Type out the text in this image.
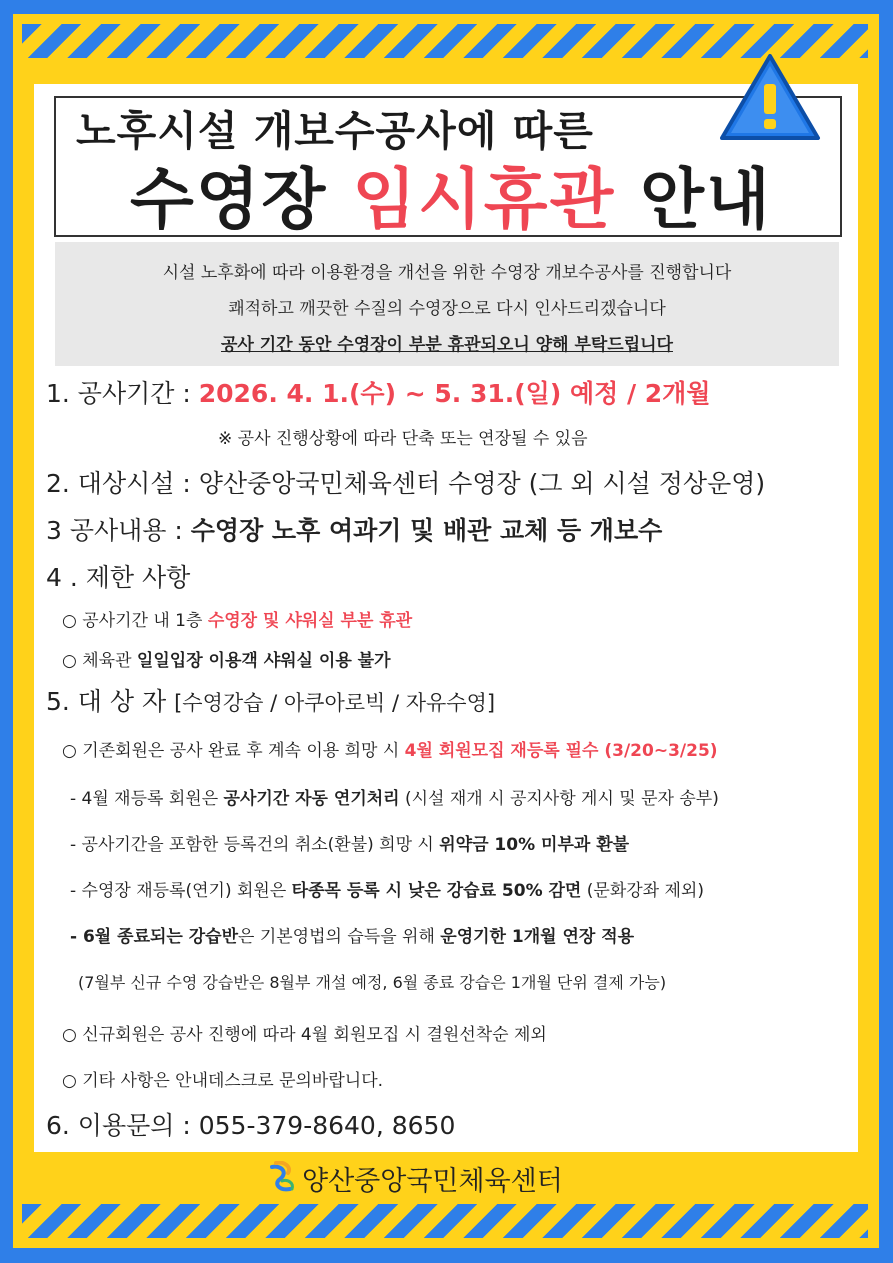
노후시설 개보수공사에 따른
수영장 임시휴관 안내
시설 노후화에 따라 이용환경을 개선을 위한 수영장 개보수공사를 진행합니다
쾌적하고 깨끗한 수질의 수영장으로 다시 인사드리겠습니다
공사 기간 동안 수영장이 부분 휴관되오니 양해 부탁드립니다
1. 공사기간 : 2026. 4. 1.(수) ~ 5. 31.(일) 예정 / 2개월
※ 공사 진행상황에 따라 단축 또는 연장될 수 있음
2. 대상시설 : 양산중앙국민체육센터 수영장 (그 외 시설 정상운영)
3 공사내용 : 수영장 노후 여과기 및 배관 교체 등 개보수
4 . 제한 사항
○ 공사기간 내 1층 수영장 및 샤워실 부분 휴관
○ 체육관 일일입장 이용객 샤워실 이용 불가
5. 대 상 자 [수영강습 / 아쿠아로빅 / 자유수영]
○ 기존회원은 공사 완료 후 계속 이용 희망 시 4월 회원모집 재등록 필수 (3/20~3/25)
- 4월 재등록 회원은 공사기간 자동 연기처리 (시설 재개 시 공지사항 게시 및 문자 송부)
- 공사기간을 포함한 등록건의 취소(환불) 희망 시 위약금 10% 미부과 환불
- 수영장 재등록(연기) 회원은 타종목 등록 시 낮은 강습료 50% 감면 (문화강좌 제외)
- 6월 종료되는 강습반은 기본영법의 습득을 위해 운영기한 1개월 연장 적용
(7월부 신규 수영 강습반은 8월부 개설 예정, 6월 종료 강습은 1개월 단위 결제 가능)
○ 신규회원은 공사 진행에 따라 4월 회원모집 시 결원선착순 제외
○ 기타 사항은 안내데스크로 문의바랍니다.
6. 이용문의 : 055-379-8640, 8650
양산중앙국민체육센터
